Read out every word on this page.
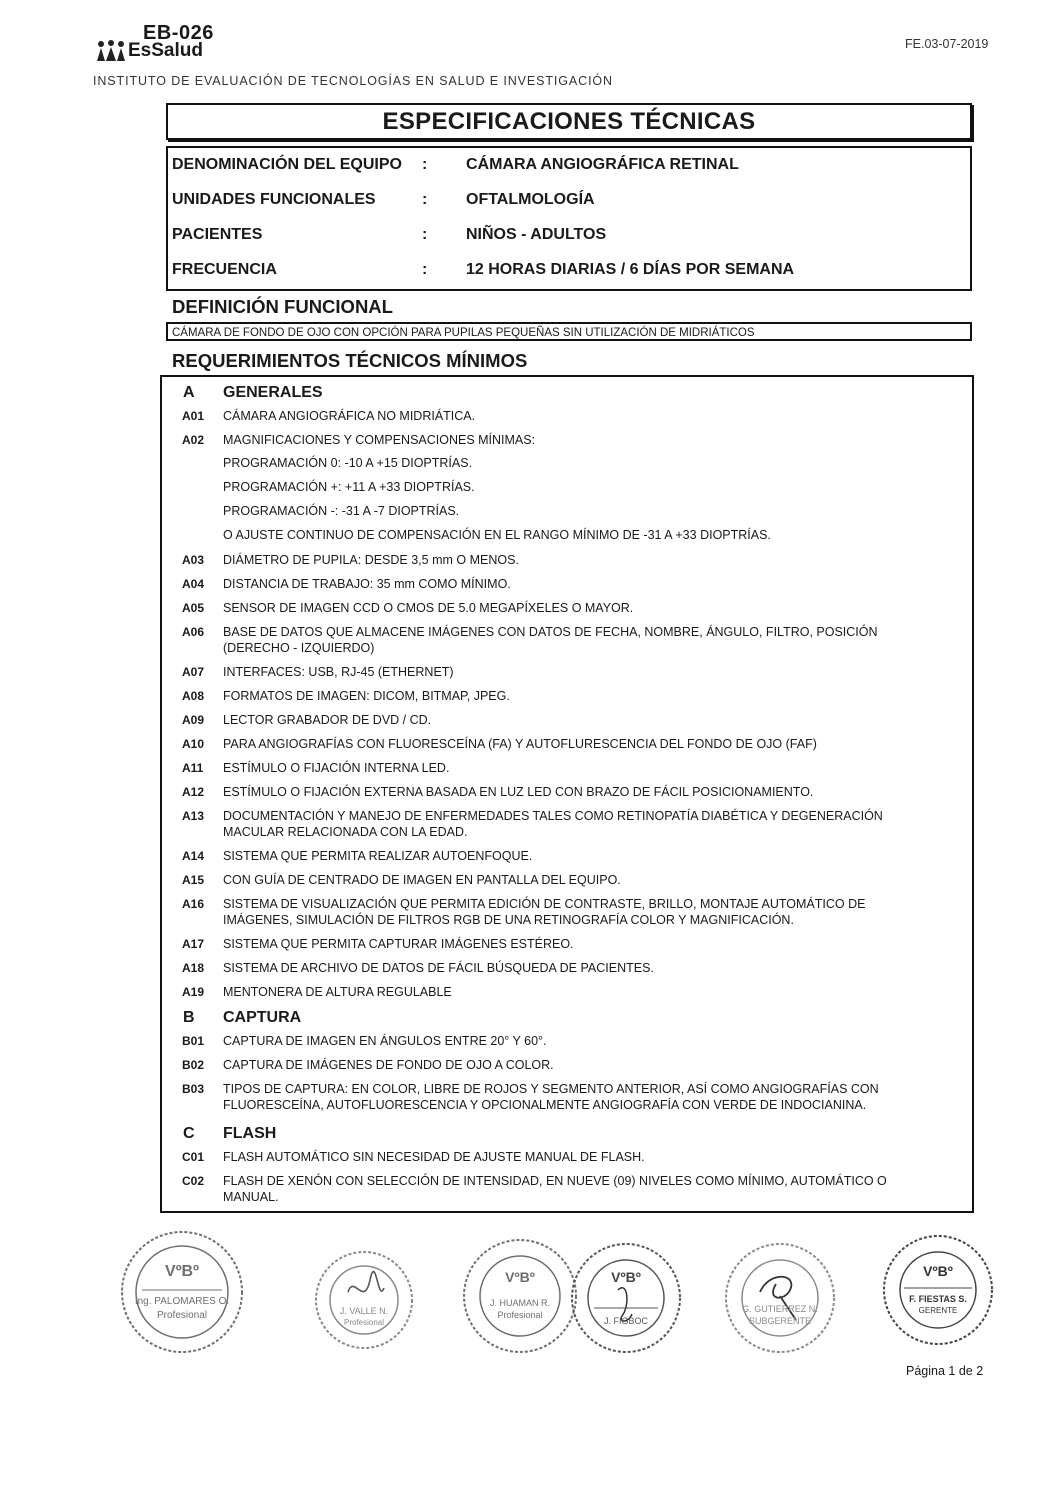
EB-026
EsSalud
INSTITUTO DE EVALUACIÓN DE TECNOLOGÍAS EN SALUD E INVESTIGACIÓN
FE.03-07-2019
ESPECIFICACIONES TÉCNICAS
DENOMINACIÓN DEL EQUIPO	:	CÁMARA ANGIOGRÁFICA RETINAL
UNIDADES FUNCIONALES	:	OFTALMOLOGÍA
PACIENTES	:	NIÑOS - ADULTOS
FRECUENCIA	:	12 HORAS DIARIAS / 6 DÍAS POR SEMANA
DEFINICIÓN FUNCIONAL
CÁMARA DE FONDO DE OJO CON OPCIÓN PARA PUPILAS PEQUEÑAS SIN UTILIZACIÓN DE MIDRIÁTICOS
REQUERIMIENTOS TÉCNICOS MÍNIMOS
A GENERALES
A01 CÁMARA ANGIOGRÁFICA NO MIDRIÁTICA.
A02 MAGNIFICACIONES Y COMPENSACIONES MÍNIMAS:
PROGRAMACIÓN 0: -10 A +15 DIOPTRÍAS.
PROGRAMACIÓN +: +11 A +33 DIOPTRÍAS.
PROGRAMACIÓN -: -31 A -7 DIOPTRÍAS.
O AJUSTE CONTINUO DE COMPENSACIÓN EN EL RANGO MÍNIMO DE -31 A +33 DIOPTRÍAS.
A03 DIÁMETRO DE PUPILA: DESDE 3,5 mm O MENOS.
A04 DISTANCIA DE TRABAJO: 35 mm COMO MÍNIMO.
A05 SENSOR DE IMAGEN CCD O CMOS DE 5.0 MEGAPÍXELES O MAYOR.
A06 BASE DE DATOS QUE ALMACENE IMÁGENES CON DATOS DE FECHA, NOMBRE, ÁNGULO, FILTRO, POSICIÓN (DERECHO - IZQUIERDO)
A07 INTERFACES: USB, RJ-45 (ETHERNET)
A08 FORMATOS DE IMAGEN: DICOM, BITMAP, JPEG.
A09 LECTOR GRABADOR DE DVD / CD.
A10 PARA ANGIOGRAFÍAS CON FLUORESCEÍNA (FA) Y AUTOFLURESCENCIA DEL FONDO DE OJO (FAF)
A11 ESTÍMULO O FIJACIÓN INTERNA LED.
A12 ESTÍMULO O FIJACIÓN EXTERNA BASADA EN LUZ LED CON BRAZO DE FÁCIL POSICIONAMIENTO.
A13 DOCUMENTACIÓN Y MANEJO DE ENFERMEDADES TALES COMO RETINOPATÍA DIABÉTICA Y DEGENERACIÓN MACULAR RELACIONADA CON LA EDAD.
A14 SISTEMA QUE PERMITA REALIZAR AUTOENFOQUE.
A15 CON GUÍA DE CENTRADO DE IMAGEN EN PANTALLA DEL EQUIPO.
A16 SISTEMA DE VISUALIZACIÓN QUE PERMITA EDICIÓN DE CONTRASTE, BRILLO, MONTAJE AUTOMÁTICO DE IMÁGENES, SIMULACIÓN DE FILTROS RGB DE UNA RETINOGRAFÍA COLOR Y MAGNIFICACIÓN.
A17 SISTEMA QUE PERMITA CAPTURAR IMÁGENES ESTÉREO.
A18 SISTEMA DE ARCHIVO DE DATOS DE FÁCIL BÚSQUEDA DE PACIENTES.
A19 MENTONERA DE ALTURA REGULABLE
B CAPTURA
B01 CAPTURA DE IMAGEN EN ÁNGULOS ENTRE 20° Y 60°.
B02 CAPTURA DE IMÁGENES DE FONDO DE OJO A COLOR.
B03 TIPOS DE CAPTURA: EN COLOR, LIBRE DE ROJOS Y SEGMENTO ANTERIOR, ASÍ COMO ANGIOGRAFÍAS CON FLUORESCEÍNA, AUTOFLUORESCENCIA Y OPCIONALMENTE ANGIOGRAFÍA CON VERDE DE INDOCIANINA.
C FLASH
C01 FLASH AUTOMÁTICO SIN NECESIDAD DE AJUSTE MANUAL DE FLASH.
C02 FLASH DE XENÓN CON SELECCIÓN DE INTENSIDAD, EN NUEVE (09) NIVELES COMO MÍNIMO, AUTOMÁTICO O MANUAL.
VºBº
Ing. PALOMARES O.
Profesional	J. VALLE N.
Profesional
VºBº
J. HUAMAN R.
Profesional
VºBº
J. FIGBOC
G. GUTIERREZ N.
SUBGERENTE
VºBº
F. FIESTAS S.
GERENTE
Página 1 de 2
